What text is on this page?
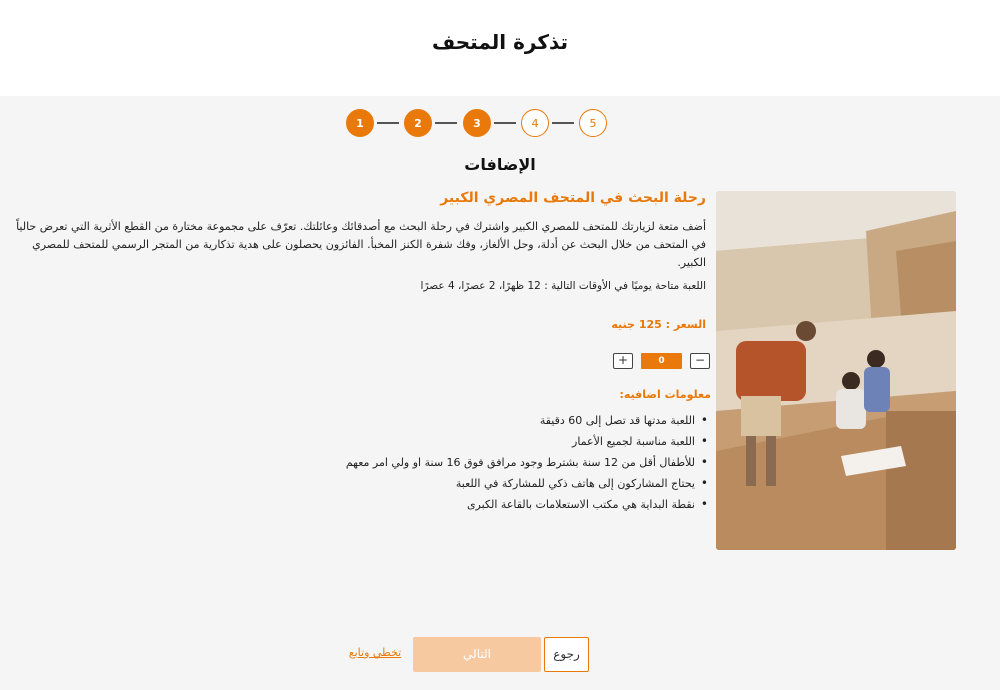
تذكرة المتحف
1	2	3	4	5
الإضافات
رحلة البحث في المتحف المصري الكبير
أضف متعة لزيارتك للمتحف للمصري الكبير واشترك في رحلة البحث مع أصدقائك وعائلتك. تعرّف على مجموعة مختارة من القطع الأثرية التي تعرض حالياً في المتحف من خلال البحث عن أدلة، وحل الألغاز، وفك شفرة الكنز المخبأ. الفائزون يحصلون على هدية تذكارية من المتجر الرسمي للمتحف للمصري الكبير.
اللعبة متاحة يوميًا في الأوقات التالية : 12 ظهرًا، 2 عصرًا، 4 عصرًا
السعر : 125 جنيه
+	0	−
معلومات اضافيه:
• اللعبة مدتها قد تصل إلى 60 دقيقة
• اللعبة مناسبة لجميع الأعمار
• للأطفال أقل من 12 سنة بشترط وجود مرافق فوق 16 سنة او ولي امر معهم
• يحتاج المشاركون إلى هاتف ذكي للمشاركة في اللعبة
• نقطة البداية هي مكتب الاستعلامات بالقاعة الكبرى
رجوع
التالي
تخطي وتابع
